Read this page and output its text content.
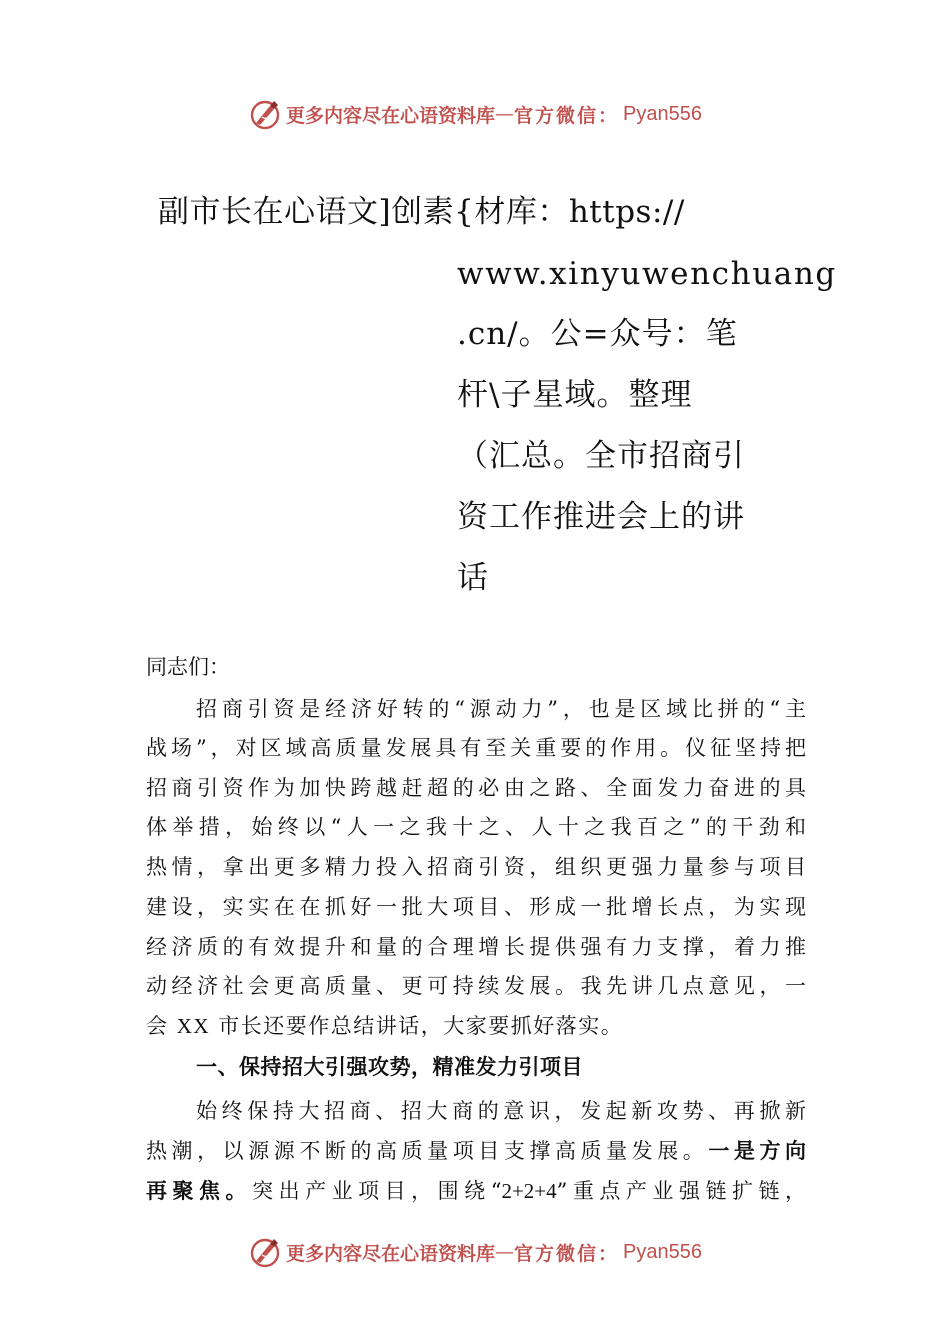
更多内容尽在心语资料库 — 官方微信： Pyan556
副市长在心语文]创素{材库：https://
www.xinyuwenchuang
.cn/。公=众号：笔
杆\子星域。整理
（汇总。全市招商引
资工作推进会上的讲
话
同志们：
招商引资是经济好转的“源动力”，也是区域比拼的“主
战场”，对区域高质量发展具有至关重要的作用。仪征坚持把
招商引资作为加快跨越赶超的必由之路、全面发力奋进的具
体举措，始终以“人一之我十之、人十之我百之”的干劲和
热情，拿出更多精力投入招商引资，组织更强力量参与项目
建设，实实在在抓好一批大项目、形成一批增长点，为实现
经济质的有效提升和量的合理增长提供强有力支撑，着力推
动经济社会更高质量、更可持续发展。我先讲几点意见，一
会 XX 市长还要作总结讲话，大家要抓好落实。
一、保持招大引强攻势，精准发力引项目
始终保持大招商、招大商的意识，发起新攻势、再掀新
热潮，以源源不断的高质量项目支撑高质量发展。一是方向
再聚焦。突出产业项目，围绕“2+2+4”重点产业强链扩链，
更多内容尽在心语资料库 — 官方微信： Pyan556
